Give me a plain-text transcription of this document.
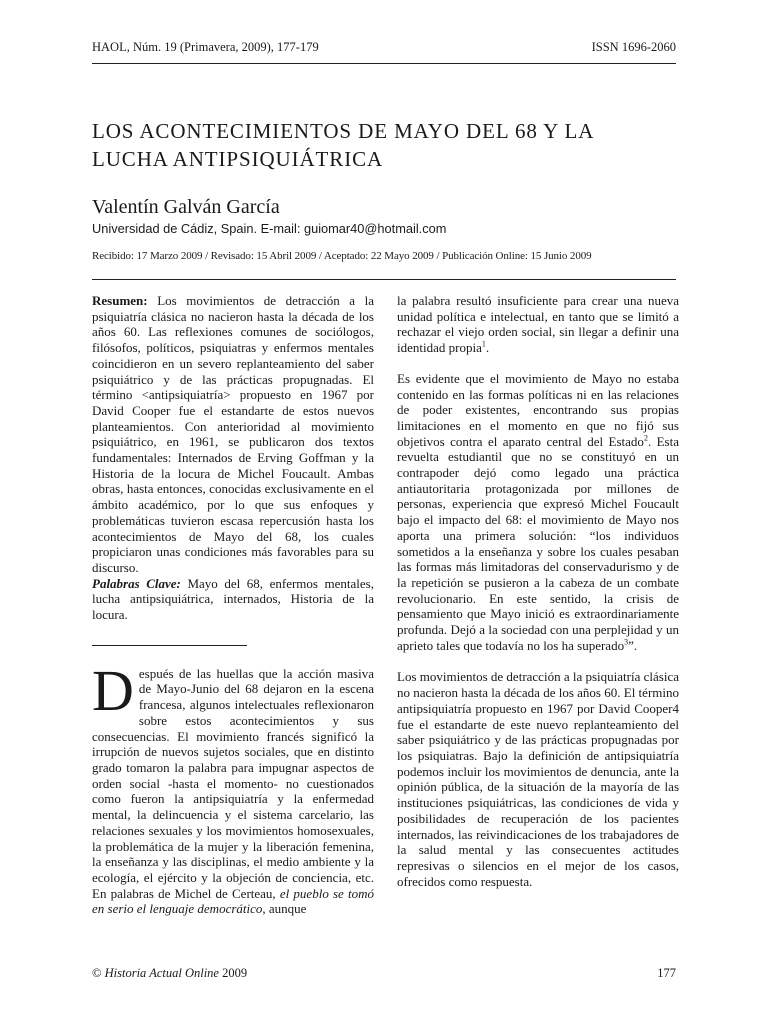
HAOL, Núm. 19 (Primavera, 2009), 177-179	ISSN 1696-2060
LOS ACONTECIMIENTOS DE MAYO DEL 68 Y LA
LUCHA ANTIPSIQUIÁTRICA
Valentín Galván García
Universidad de Cádiz, Spain. E-mail: guiomar40@hotmail.com
Recibido: 17 Marzo 2009 / Revisado: 15 Abril 2009 / Aceptado: 22 Mayo 2009 / Publicación Online: 15 Junio 2009

Resumen: Los movimientos de detracción a la psiquiatría clásica no nacieron hasta la década de los años 60. Las reflexiones comunes de sociólogos, filósofos, políticos, psiquiatras y enfermos mentales coincidieron en un severo replanteamiento del saber psiquiátrico y de las prácticas propugnadas. El término <antipsiquiatría> propuesto en 1967 por David Cooper fue el estandarte de estos nuevos planteamientos. Con anterioridad al movimiento psiquiátrico, en 1961, se publicaron dos textos fundamentales: Internados de Erving Goffman y la Historia de la locura de Michel Foucault. Ambas obras, hasta entonces, conocidas exclusivamente en el ámbito académico, por lo que sus enfoques y problemáticas tuvieron escasa repercusión hasta los acontecimientos de Mayo del 68, los cuales propiciaron unas condiciones más favorables para su discurso.

Palabras Clave: Mayo del 68, enfermos mentales, lucha antipsiquiátrica, internados, Historia de la locura.

Después de las huellas que la acción masiva de Mayo-Junio del 68 dejaron en la escena francesa, algunos intelectuales reflexionaron sobre estos acontecimientos y sus consecuencias. El movimiento francés significó la irrupción de nuevos sujetos sociales, que en distinto grado tomaron la palabra para impugnar aspectos de orden social -hasta el momento- no cuestionados como fueron la antipsiquiatría y la enfermedad mental, la delincuencia y el sistema carcelario, las relaciones sexuales y los movimientos homosexuales, la problemática de la mujer y la liberación femenina, la enseñanza y las disciplinas, el medio ambiente y la ecología, el ejército y la objeción de conciencia, etc. En palabras de Michel de Certeau, el pueblo se tomó en serio el lenguaje democrático, aunque

la palabra resultó insuficiente para crear una nueva unidad política e intelectual, en tanto que se limitó a rechazar el viejo orden social, sin llegar a definir una identidad propia$^1$.

Es evidente que el movimiento de Mayo no estaba contenido en las formas políticas ni en las relaciones de poder existentes, encontrando sus propias limitaciones en el momento en que no fijó sus objetivos contra el aparato central del Estado$^2$. Esta revuelta estudiantil que no se constituyó en un contrapoder dejó como legado una práctica antiautoritaria protagonizada por millones de personas, experiencia que expresó Michel Foucault bajo el impacto del 68: el movimiento de Mayo nos aporta una primera solución: “los individuos sometidos a la enseñanza y sobre los cuales pesaban las formas más limitadoras del conservadurismo y de la repetición se pusieron a la cabeza de un combate revolucionario. En este sentido, la crisis de pensamiento que Mayo inició es extraordinariamente profunda. Dejó a la sociedad con una perplejidad y un aprieto tales que todavía no los ha superado$^3$”.

Los movimientos de detracción a la psiquiatría clásica no nacieron hasta la década de los años 60. El término antipsiquiatría propuesto en 1967 por David Cooper4 fue el estandarte de este nuevo replanteamiento del saber psiquiátrico y de las prácticas propugnadas por los psiquiatras. Bajo la definición de antipsiquiatría podemos incluir los movimientos de denuncia, ante la opinión pública, de la situación de la mayoría de las instituciones psiquiátricas, las condiciones de vida y posibilidades de recuperación de los pacientes internados, las reivindicaciones de los trabajadores de la salud mental y las consecuentes actitudes represivas o silencios en el mejor de los casos, ofrecidos como respuesta.

© Historia Actual Online 2009	177
